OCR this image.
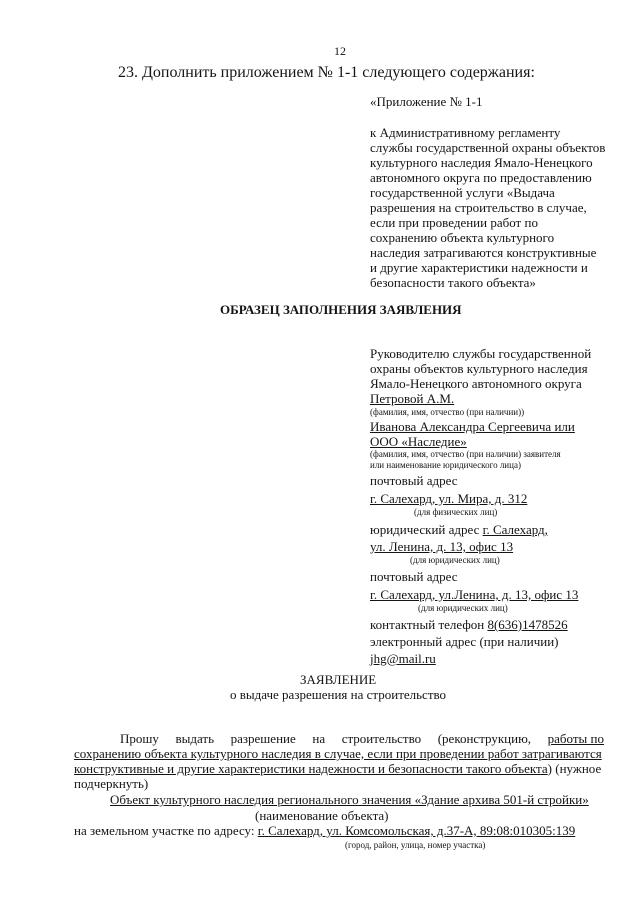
12
23. Дополнить приложением № 1-1 следующего содержания:
«Приложение № 1-1
к Административному регламенту
службы государственной охраны объектов
культурного наследия Ямало-Ненецкого
автономного округа по предоставлению
государственной услуги «Выдача
разрешения на строительство в случае,
если при проведении работ по
сохранению объекта культурного
наследия затрагиваются конструктивные
и другие характеристики надежности и
безопасности такого объекта»
ОБРАЗЕЦ ЗАПОЛНЕНИЯ ЗАЯВЛЕНИЯ
Руководителю службы государственной
охраны объектов культурного наследия
Ямало-Ненецкого автономного округа
Петровой А.М.
(фамилия, имя, отчество (при наличии))
Иванова Александра Сергеевича или
ООО «Наследие»
(фамилия, имя, отчество (при наличии) заявителя
или наименование юридического лица)
почтовый адрес
г. Салехард, ул. Мира, д. 312
(для физических лиц)
юридический адрес г. Салехард,
ул. Ленина, д. 13, офис 13
(для юридических лиц)
почтовый адрес
г. Салехард, ул.Ленина, д. 13, офис 13
(для юридических лиц)
контактный телефон 8(636)1478526
электронный адрес (при наличии)
jhg@mail.ru
ЗАЯВЛЕНИЕ
о выдаче разрешения на строительство
Прошу выдать разрешение на строительство (реконструкцию, работы по
сохранению объекта культурного наследия в случае, если при проведении работ затрагиваются
конструктивные и другие характеристики надежности и безопасности такого объекта) (нужное
подчеркнуть)
Объект культурного наследия регионального значения «Здание архива 501-й стройки»
(наименование объекта)
на земельном участке по адресу: г. Салехард, ул. Комсомольская, д.37-А, 89:08:010305:139
(город, район, улица, номер участка)
